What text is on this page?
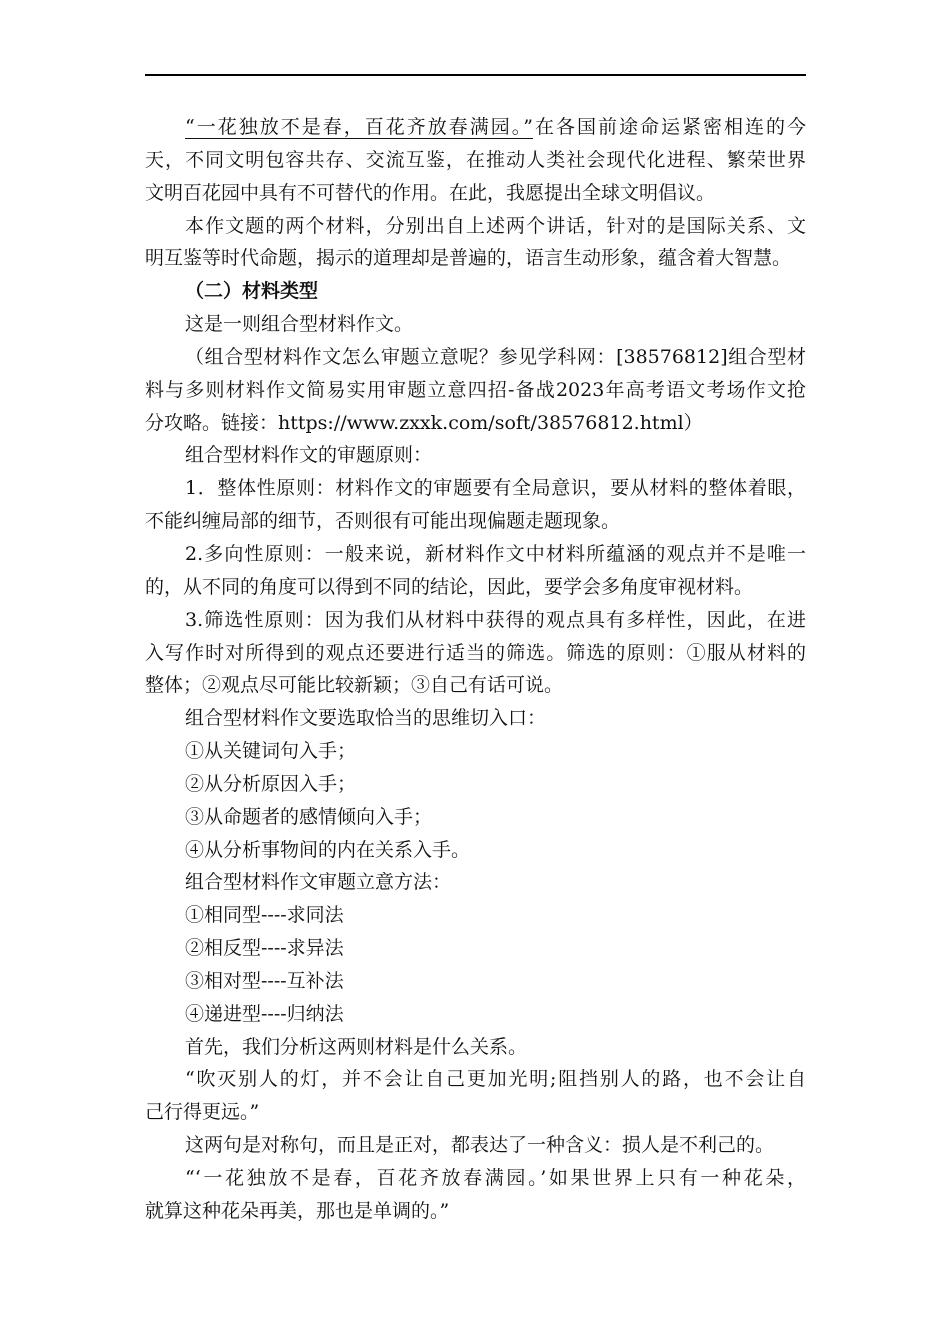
“一花独放不是春，百花齐放春满园。”在各国前途命运紧密相连的今
天，不同文明包容共存、交流互鉴，在推动人类社会现代化进程、繁荣世界
文明百花园中具有不可替代的作用。在此，我愿提出全球文明倡议。
本作文题的两个材料，分别出自上述两个讲话，针对的是国际关系、文
明互鉴等时代命题，揭示的道理却是普遍的，语言生动形象，蕴含着大智慧。
（二）材料类型
这是一则组合型材料作文。
（组合型材料作文怎么审题立意呢？参见学科网：[38576812]组合型材
料与多则材料作文简易实用审题立意四招-备战2023年高考语文考场作文抢
分攻略。链接：https://www.zxxk.com/soft/38576812.html）
组合型材料作文的审题原则：
1．整体性原则：材料作文的审题要有全局意识，要从材料的整体着眼，
不能纠缠局部的细节，否则很有可能出现偏题走题现象。
2.多向性原则：一般来说，新材料作文中材料所蕴涵的观点并不是唯一
的，从不同的角度可以得到不同的结论，因此，要学会多角度审视材料。
3.筛选性原则：因为我们从材料中获得的观点具有多样性，因此，在进
入写作时对所得到的观点还要进行适当的筛选。筛选的原则：①服从材料的
整体；②观点尽可能比较新颖；③自己有话可说。
组合型材料作文要选取恰当的思维切入口：
①从关键词句入手；
②从分析原因入手；
③从命题者的感情倾向入手；
④从分析事物间的内在关系入手。
组合型材料作文审题立意方法：
①相同型----求同法
②相反型----求异法
③相对型----互补法
④递进型----归纳法
首先，我们分析这两则材料是什么关系。
“吹灭别人的灯，并不会让自己更加光明;阻挡别人的路，也不会让自
己行得更远。”
这两句是对称句，而且是正对，都表达了一种含义：损人是不利己的。
“‘一花独放不是春，百花齐放春满园。’如果世界上只有一种花朵，
就算这种花朵再美，那也是单调的。”
